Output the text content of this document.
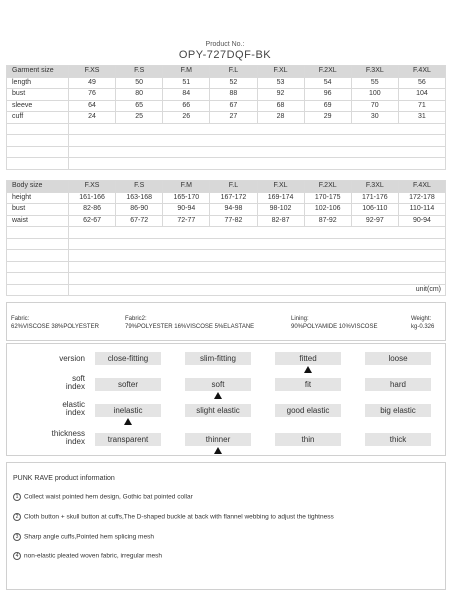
Product No.:
OPY-727DQF-BK
Garment size	F.XS	F.S	F.M	F.L	F.XL	F.2XL	F.3XL	F.4XL
length	49	50	51	52	53	54	55	56
bust	76	80	84	88	92	96	100	104
sleeve	64	65	66	67	68	69	70	71
cuff	24	25	26	27	28	29	30	31

Body size	F.XS	F.S	F.M	F.L	F.XL	F.2XL	F.3XL	F.4XL
height	161-166	163-168	165-170	167-172	169-174	170-175	171-176	172-178
bust	82-86	86-90	90-94	94-98	98-102	102-106	106-110	110-114
waist	62-67	67-72	72-77	77-82	82-87	87-92	92-97	90-94

	unit(cm)							
Fabric:
62%VISCOSE 38%POLYESTER
Fabric2:
79%POLYESTER 16%VISCOSE 5%ELASTANE
Lining:
90%POLYAMIDE 10%VISCOSE
Weight:
kg-0.326
version	close-fitting	slim-fitting	fitted	loose
soft
index	softer	soft	fit	hard
elastic
index	inelastic	slight elastic	good elastic	big elastic
thickness
index	transparent	thinner	thin	thick
PUNK RAVE product information
1 Collect waist pointed hem design, Gothic bat pointed collar
2 Cloth button + skull button at cuffs,The D-shaped buckle at back with flannel webbing to adjust the tightness
3 Sharp angle cuffs,Pointed hem splicing mesh
4 non-elastic pleated woven fabric, irregular mesh
